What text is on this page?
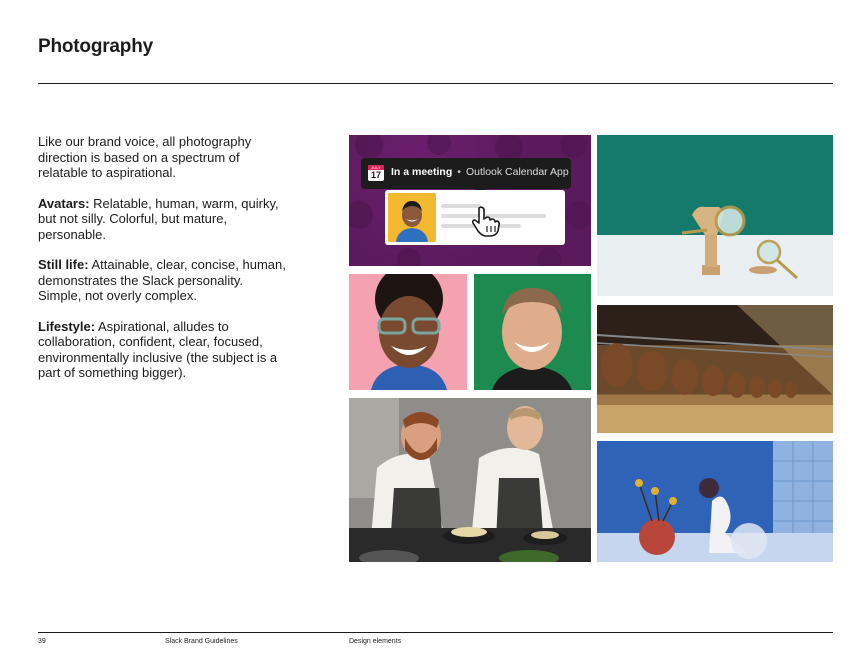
Photography

Like our brand voice, all photography direction is based on a spectrum of relatable to aspirational.

Avatars: Relatable, human, warm, quirky, but not silly. Colorful, but mature, personable.

Still life: Attainable, clear, concise, human, demonstrates the Slack personality. Simple, not overly complex.

Lifestyle: Aspirational, alludes to collaboration, confident, clear, focused, environmentally inclusive (the subject is a part of something bigger).

JULY
17 In a meeting • Outlook Calendar App
39	Slack Brand Guidelines	Design elements
